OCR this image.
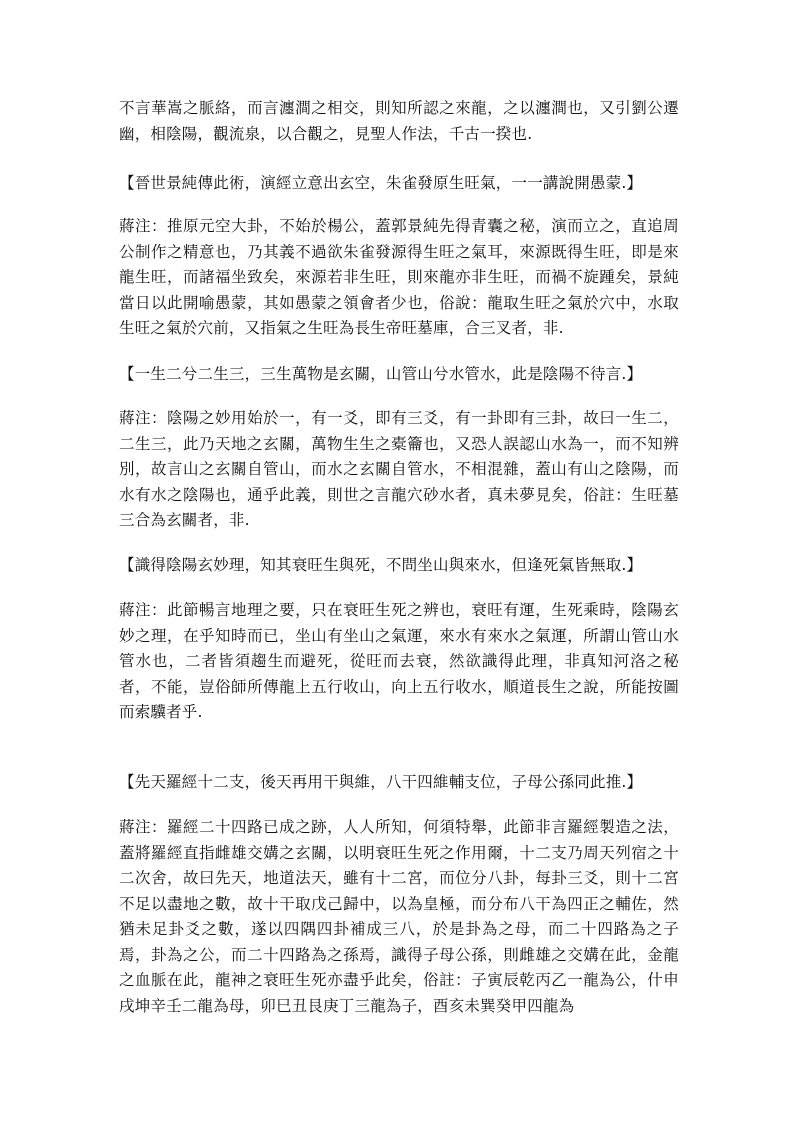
不言華嵩之脈絡，而言瀍澗之相交，則知所認之來龍，之以瀍澗也，又引劉公遷幽，相陰陽，觀流泉，以合觀之，見聖人作法，千古一揆也.

【晉世景純傳此術，演經立意出玄空，朱雀發原生旺氣，一一講說開愚蒙.】

蔣注：推原元空大卦，不始於楊公，蓋郭景純先得青囊之秘，演而立之，直追周公制作之精意也，乃其義不過欲朱雀發源得生旺之氣耳，來源既得生旺，即是來龍生旺，而諸福坐致矣，來源若非生旺，則來龍亦非生旺，而禍不旋踵矣，景純當日以此開喻愚蒙，其如愚蒙之領會者少也，俗說：龍取生旺之氣於穴中，水取生旺之氣於穴前，又指氣之生旺為長生帝旺墓庫，合三叉者，非.

【一生二兮二生三，三生萬物是玄關，山管山兮水管水，此是陰陽不待言.】

蔣注：陰陽之妙用始於一，有一爻，即有三爻，有一卦即有三卦，故曰一生二，二生三，此乃天地之玄關，萬物生生之橐籥也，又恐人誤認山水為一，而不知辨別，故言山之玄關自管山，而水之玄關自管水，不相混雜，蓋山有山之陰陽，而水有水之陰陽也，通乎此義，則世之言龍穴砂水者，真未夢見矣，俗註：生旺墓三合為玄關者，非.

【識得陰陽玄妙理，知其衰旺生與死，不問坐山與來水，但逢死氣皆無取.】

蔣注：此節暢言地理之要，只在衰旺生死之辨也，衰旺有運，生死乘時，陰陽玄妙之理，在乎知時而已，坐山有坐山之氣運，來水有來水之氣運，所謂山管山水管水也，二者皆須趨生而避死，從旺而去衰，然欲識得此理，非真知河洛之秘者，不能，豈俗師所傳龍上五行收山，向上五行收水，順道長生之說，所能按圖而索驥者乎.

【先天羅經十二支，後天再用干與維，八干四維輔支位，子母公孫同此推.】

蔣注：羅經二十四路已成之跡，人人所知，何須特舉，此節非言羅經製造之法，蓋將羅經直指雌雄交媾之玄關，以明衰旺生死之作用爾，十二支乃周天列宿之十二次舍，故曰先天，地道法天，雖有十二宮，而位分八卦，每卦三爻，則十二宮不足以盡地之數，故十干取戊己歸中，以為皇極，而分布八干為四正之輔佐，然猶未足卦爻之數，遂以四隅四卦補成三八，於是卦為之母，而二十四路為之子焉，卦為之公，而二十四路為之孫焉，識得子母公孫，則雌雄之交媾在此，金龍之血脈在此，龍神之衰旺生死亦盡乎此矣，俗註：子寅辰乾丙乙一龍為公，什申戌坤辛壬二龍為母，卯巳丑艮庚丁三龍為子，酉亥未巽癸甲四龍為
